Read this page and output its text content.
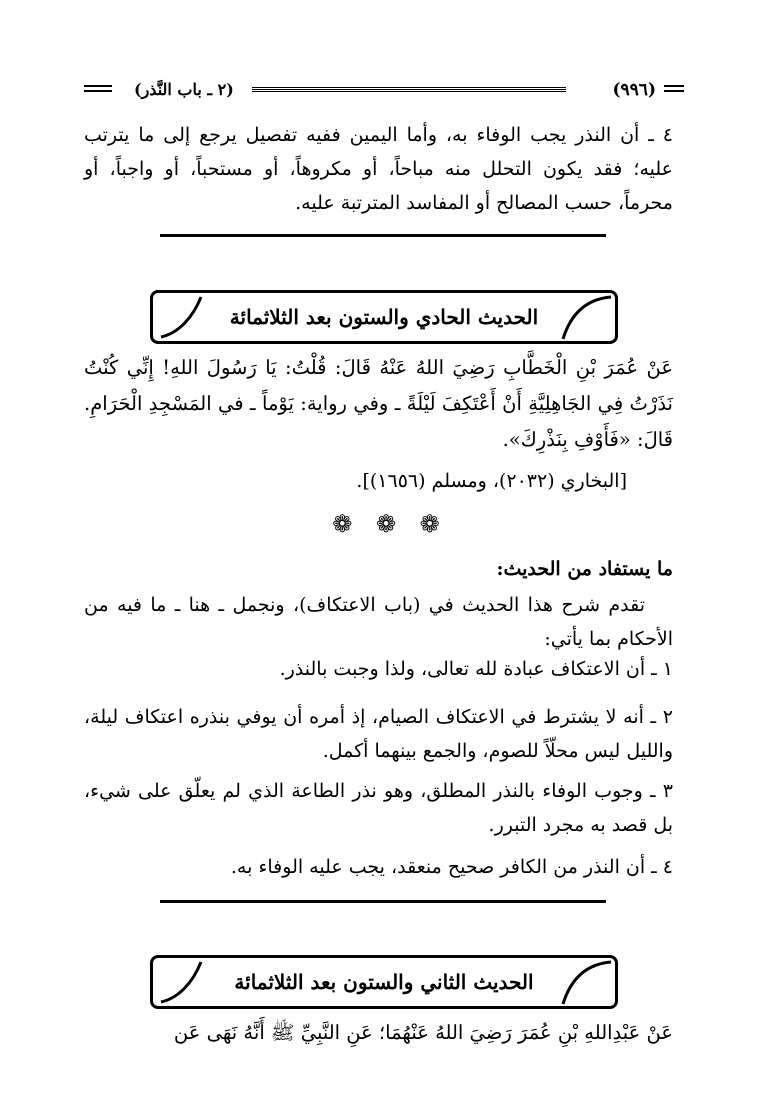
(٩٩٦)
(٢ ـ باب النَّذر)
٤ ـ أن النذر يجب الوفاء به، وأما اليمين ففيه تفصيل يرجع إلى ما يترتب عليه؛ فقد يكون التحلل منه مباحاً، أو مكروهاً، أو مستحباً، أو واجباً، أو محرماً، حسب المصالح أو المفاسد المترتبة عليه.
الحديث الحادي والستون بعد الثلاثمائة
عَنْ عُمَرَ بْنِ الْخَطَّابِ رَضِيَ اللهُ عَنْهُ قَالَ: قُلْتُ: يَا رَسُولَ اللهِ! إِنِّي كُنْتُ نَذَرْتُ فِي الجَاهِلِيَّةِ أَنْ أَعْتَكِفَ لَيْلَةً ـ وفي رواية: يَوْماً ـ في المَسْجِدِ الْحَرَامِ. قَالَ: «فَأَوْفِ بِنَذْرِكَ».
[البخاري (٢٠٣٢)، ومسلم (١٦٥٦)].
❁ ❁ ❁
ما يستفاد من الحديث:
تقدم شرح هذا الحديث في (باب الاعتكاف)، ونجمل ـ هنا ـ ما فيه من الأحكام بما يأتي:
١ ـ أن الاعتكاف عبادة لله تعالى، ولذا وجبت بالنذر.
٢ ـ أنه لا يشترط في الاعتكاف الصيام، إذ أمره أن يوفي بنذره اعتكاف ليلة، والليل ليس محلّاً للصوم، والجمع بينهما أكمل.
٣ ـ وجوب الوفاء بالنذر المطلق، وهو نذر الطاعة الذي لم يعلّق على شيء، بل قصد به مجرد التبرر.
٤ ـ أن النذر من الكافر صحيح منعقد، يجب عليه الوفاء به.
الحديث الثاني والستون بعد الثلاثمائة
عَنْ عَبْدِاللهِ بْنِ عُمَرَ رَضِيَ اللهُ عَنْهُمَا؛ عَنِ النَّبِيِّ ﷺ أَنَّهُ نَهَى عَن
